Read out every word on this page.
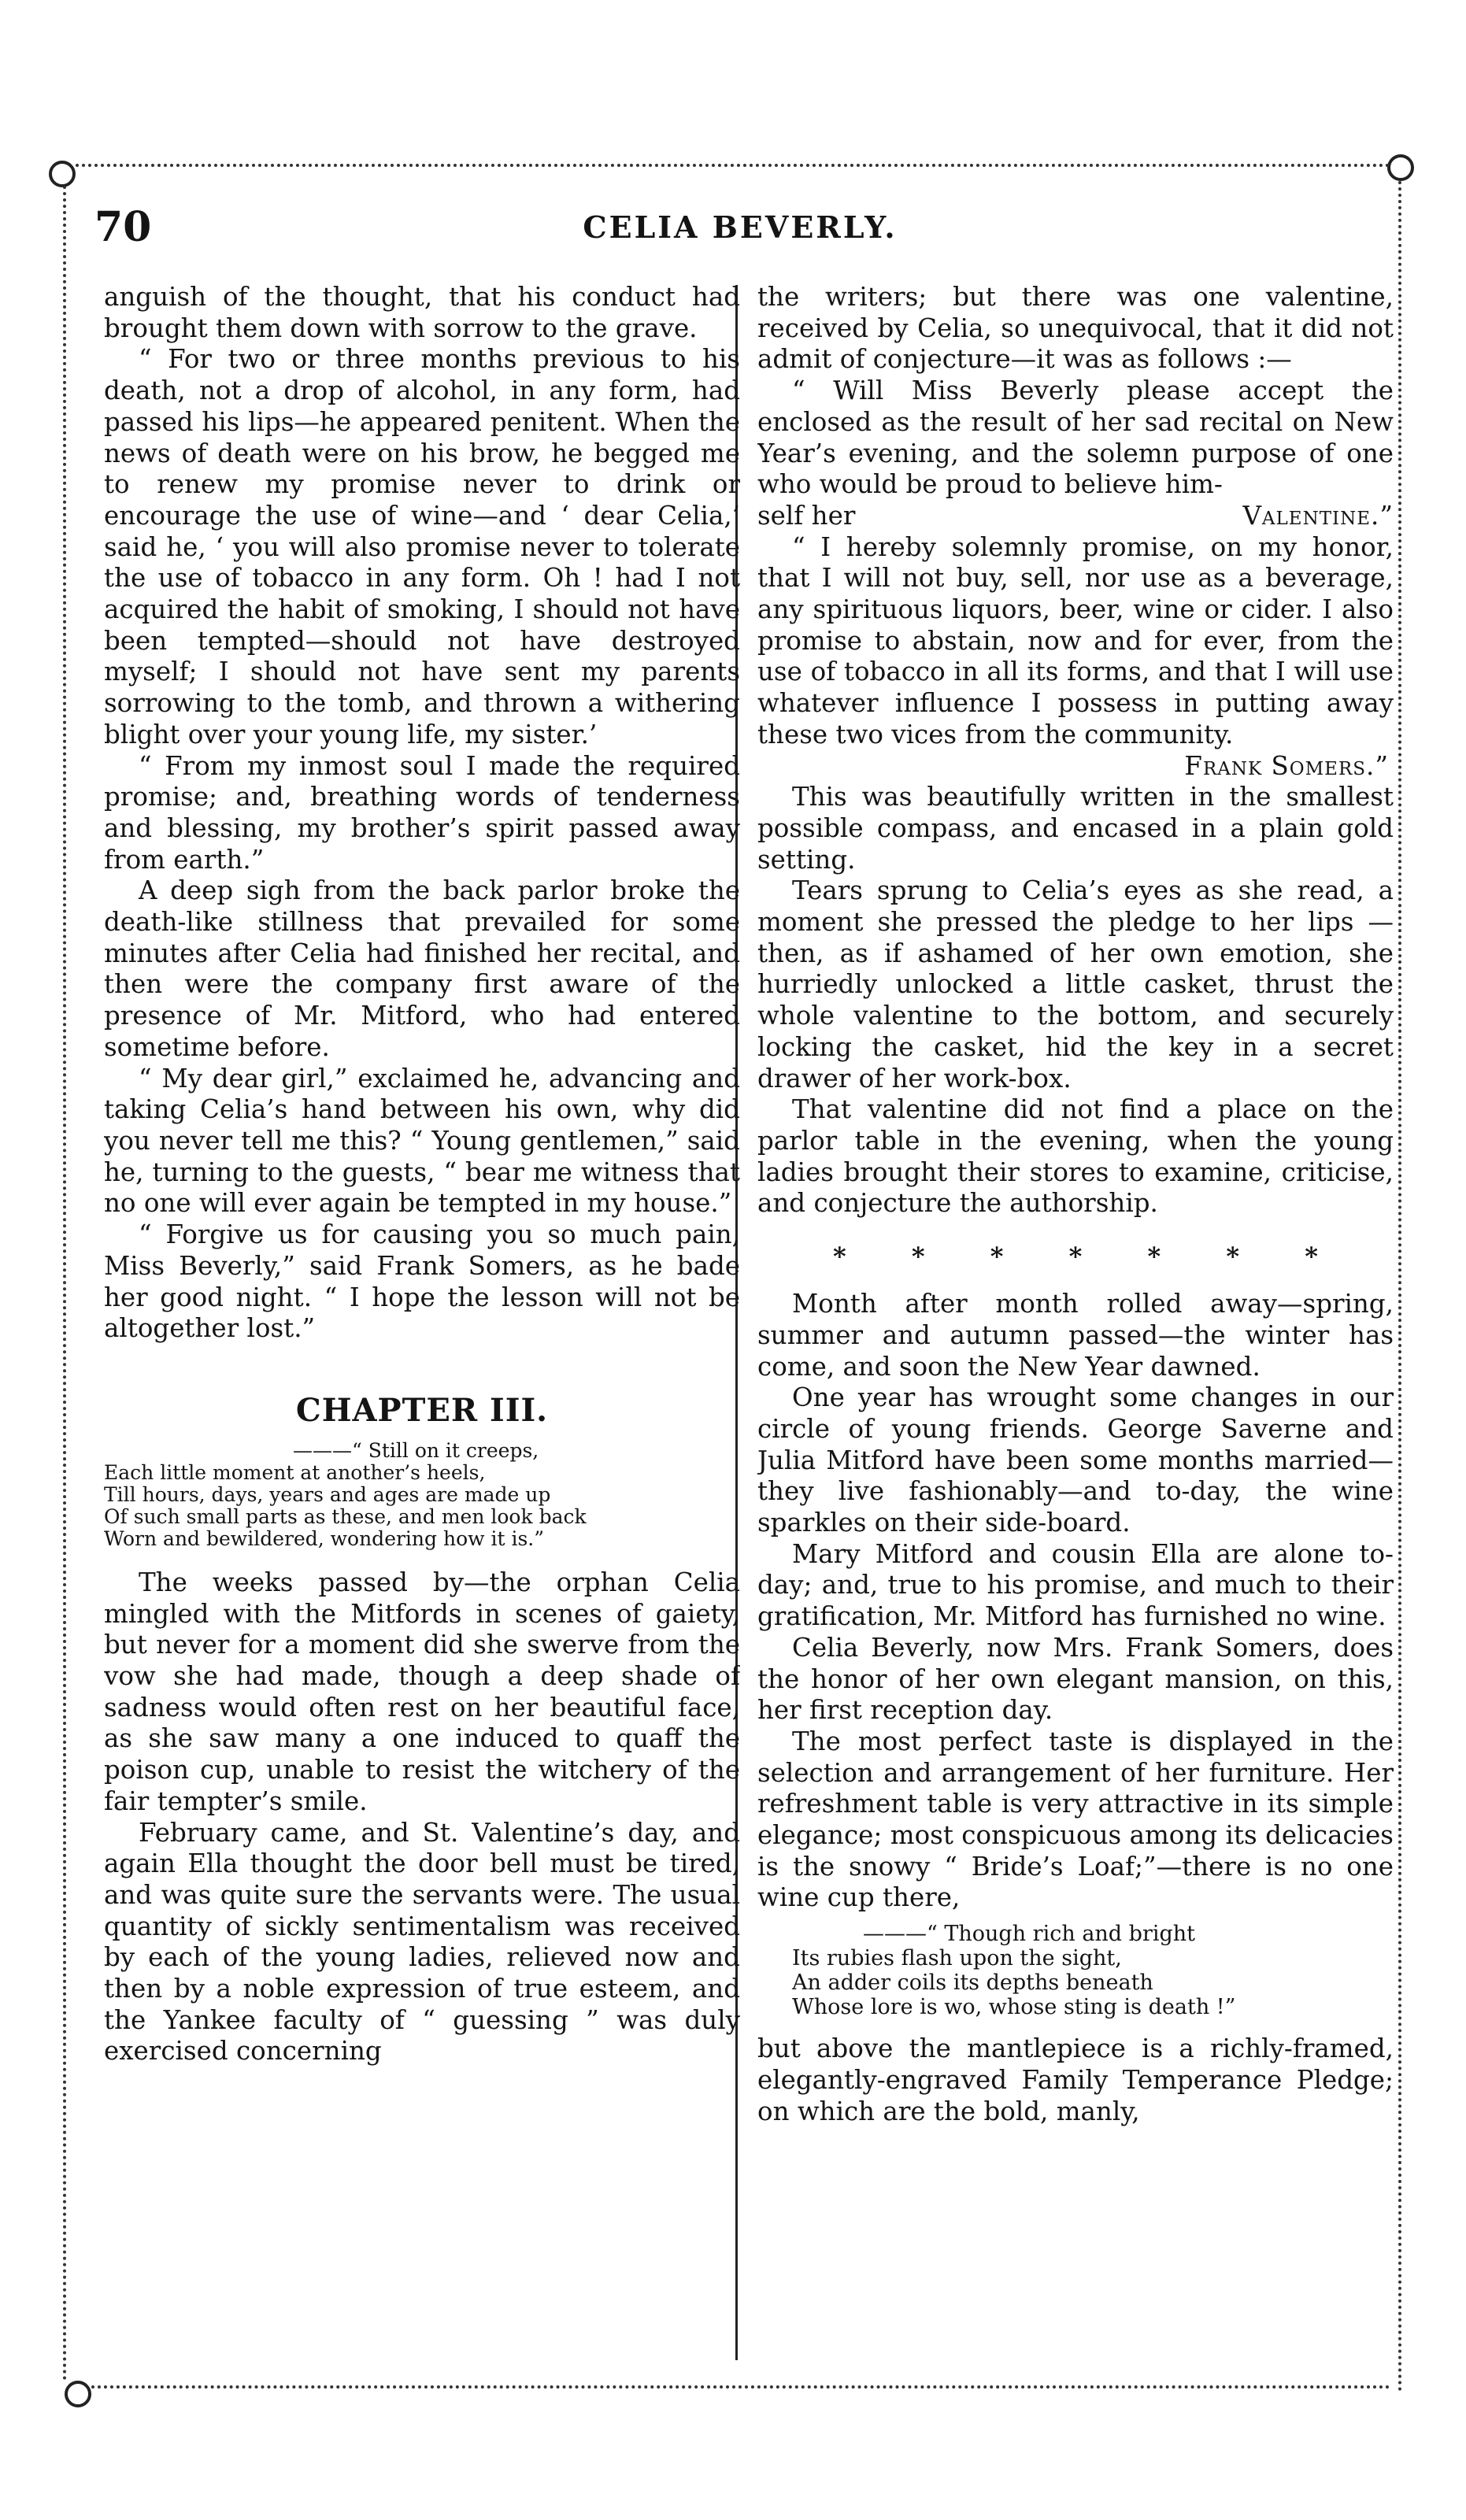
70	CELIA BEVERLY.

anguish of the thought, that his conduct had brought them down with sorrow to the grave.

“ For two or three months previous to his death, not a drop of alcohol, in any form, had passed his lips—he appeared penitent. When the news of death were on his brow, he begged me to renew my promise never to drink or encourage the use of wine—and ‘ dear Celia,’ said he, ‘ you will also promise never to tolerate the use of tobacco in any form. Oh ! had I not acquired the habit of smoking, I should not have been tempted—should not have destroyed myself; I should not have sent my parents sorrowing to the tomb, and thrown a withering blight over your young life, my sister.’

“ From my inmost soul I made the required promise; and, breathing words of tenderness and blessing, my brother’s spirit passed away from earth.”

A deep sigh from the back parlor broke the death-like stillness that prevailed for some minutes after Celia had finished her recital, and then were the company first aware of the presence of Mr. Mitford, who had entered sometime before.

“ My dear girl,” exclaimed he, advancing and taking Celia’s hand between his own, why did you never tell me this? “ Young gentlemen,” said he, turning to the guests, “ bear me witness that no one will ever again be tempted in my house.”

“ Forgive us for causing you so much pain, Miss Beverly,” said Frank Somers, as he bade her good night. “ I hope the lesson will not be altogether lost.”

CHAPTER III.
———“ Still on it creeps,
Each little moment at another’s heels,
Till hours, days, years and ages are made up
Of such small parts as these, and men look back
Worn and bewildered, wondering how it is.”

The weeks passed by—the orphan Celia mingled with the Mitfords in scenes of gaiety, but never for a moment did she swerve from the vow she had made, though a deep shade of sadness would often rest on her beautiful face, as she saw many a one induced to quaff the poison cup, unable to resist the witchery of the fair tempter’s smile.

February came, and St. Valentine’s day, and again Ella thought the door bell must be tired, and was quite sure the servants were. The usual quantity of sickly sentimentalism was received by each of the young ladies, relieved now and then by a noble expression of true esteem, and the Yankee faculty of “ guessing ” was duly exercised concerning

the writers; but there was one valentine, received by Celia, so unequivocal, that it did not admit of conjecture—it was as follows :—

“ Will Miss Beverly please accept the enclosed as the result of her sad recital on New Year’s evening, and the solemn purpose of one who would be proud to believe him-

self her	Valentine.”

“ I hereby solemnly promise, on my honor, that I will not buy, sell, nor use as a beverage, any spirituous liquors, beer, wine or cider. I also promise to abstain, now and for ever, from the use of tobacco in all its forms, and that I will use whatever influence I possess in putting away these two vices from the community.

Frank Somers.”

This was beautifully written in the smallest possible compass, and encased in a plain gold setting.

Tears sprung to Celia’s eyes as she read, a moment she pressed the pledge to her lips —then, as if ashamed of her own emotion, she hurriedly unlocked a little casket, thrust the whole valentine to the bottom, and securely locking the casket, hid the key in a secret drawer of her work-box.

That valentine did not find a place on the parlor table in the evening, when the young ladies brought their stores to examine, criticise, and conjecture the authorship.

* * * * * * *

Month after month rolled away—spring, summer and autumn passed—the winter has come, and soon the New Year dawned.

One year has wrought some changes in our circle of young friends. George Saverne and Julia Mitford have been some months married—they live fashionably—and to-day, the wine sparkles on their side-board.

Mary Mitford and cousin Ella are alone to-day; and, true to his promise, and much to their gratification, Mr. Mitford has furnished no wine.

Celia Beverly, now Mrs. Frank Somers, does the honor of her own elegant mansion, on this, her first reception day.

The most perfect taste is displayed in the selection and arrangement of her furniture. Her refreshment table is very attractive in its simple elegance; most conspicuous among its delicacies is the snowy “ Bride’s Loaf;”—there is no one wine cup there,

———“ Though rich and bright
Its rubies flash upon the sight,
An adder coils its depths beneath
Whose lore is wo, whose sting is death !”

but above the mantlepiece is a richly-framed, elegantly-engraved Family Temperance Pledge; on which are the bold, manly,
